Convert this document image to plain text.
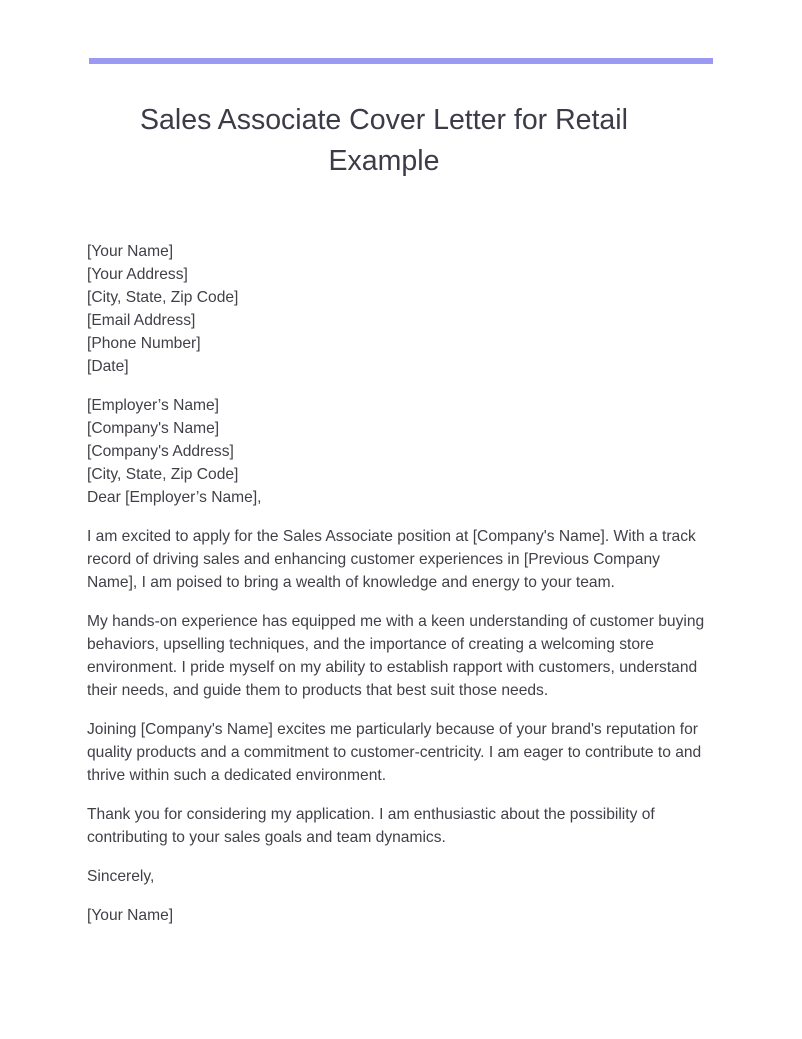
Sales Associate Cover Letter for Retail Example
[Your Name]
[Your Address]
[City, State, Zip Code]
[Email Address]
[Phone Number]
[Date]
[Employer’s Name]
[Company's Name]
[Company's Address]
[City, State, Zip Code]
Dear [Employer’s Name],

I am excited to apply for the Sales Associate position at [Company's Name]. With a track record of driving sales and enhancing customer experiences in [Previous Company Name], I am poised to bring a wealth of knowledge and energy to your team.

My hands-on experience has equipped me with a keen understanding of customer buying behaviors, upselling techniques, and the importance of creating a welcoming store environment. I pride myself on my ability to establish rapport with customers, understand their needs, and guide them to products that best suit those needs.

Joining [Company's Name] excites me particularly because of your brand's reputation for quality products and a commitment to customer-centricity. I am eager to contribute to and thrive within such a dedicated environment.

Thank you for considering my application. I am enthusiastic about the possibility of contributing to your sales goals and team dynamics.

Sincerely,

[Your Name]
